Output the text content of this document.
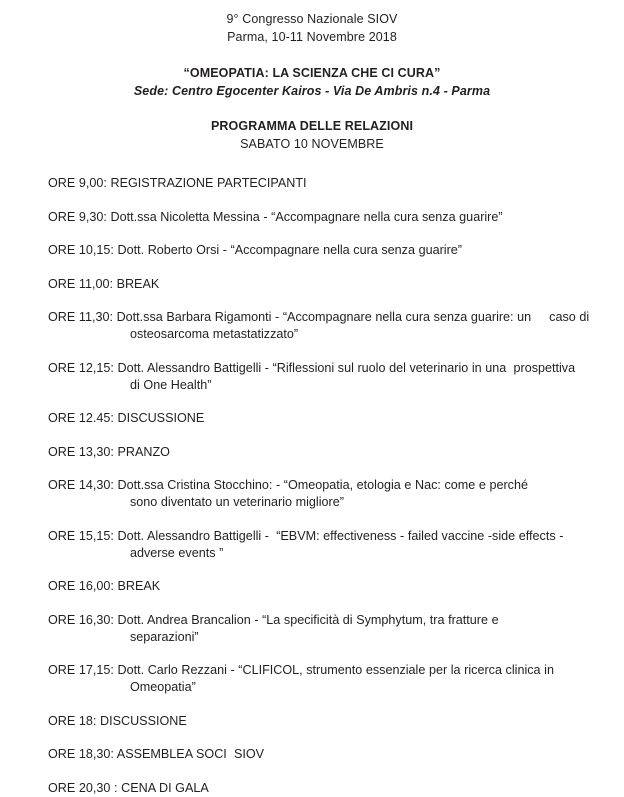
9° Congresso Nazionale SIOV
Parma, 10-11 Novembre 2018
“OMEOPATIA: LA SCIENZA CHE CI CURA”
Sede: Centro Egocenter Kairos - Via De Ambris n.4 - Parma
PROGRAMMA DELLE RELAZIONI
SABATO 10 NOVEMBRE
ORE 9,00: REGISTRAZIONE PARTECIPANTI
ORE 9,30: Dott.ssa Nicoletta Messina - “Accompagnare nella cura senza guarire”
ORE 10,15: Dott. Roberto Orsi - “Accompagnare nella cura senza guarire”
ORE 11,00: BREAK
ORE 11,30: Dott.ssa Barbara Rigamonti - “Accompagnare nella cura senza guarire: un     caso di
osteosarcoma metastatizzato”
ORE 12,15: Dott. Alessandro Battigelli - “Riflessioni sul ruolo del veterinario in una  prospettiva
di One Health”
ORE 12.45: DISCUSSIONE
ORE 13,30: PRANZO
ORE 14,30: Dott.ssa Cristina Stocchino: - “Omeopatia, etologia e Nac: come e perché
sono diventato un veterinario migliore”
ORE 15,15: Dott. Alessandro Battigelli -  “EBVM: effectiveness - failed vaccine -side effects -
adverse events ”
ORE 16,00: BREAK
ORE 16,30: Dott. Andrea Brancalion - “La specificità di Symphytum, tra fratture e
separazioni”
ORE 17,15: Dott. Carlo Rezzani - “CLIFICOL, strumento essenziale per la ricerca clinica in
Omeopatia”
ORE 18: DISCUSSIONE
ORE 18,30: ASSEMBLEA SOCI  SIOV
ORE 20,30 : CENA DI GALA
